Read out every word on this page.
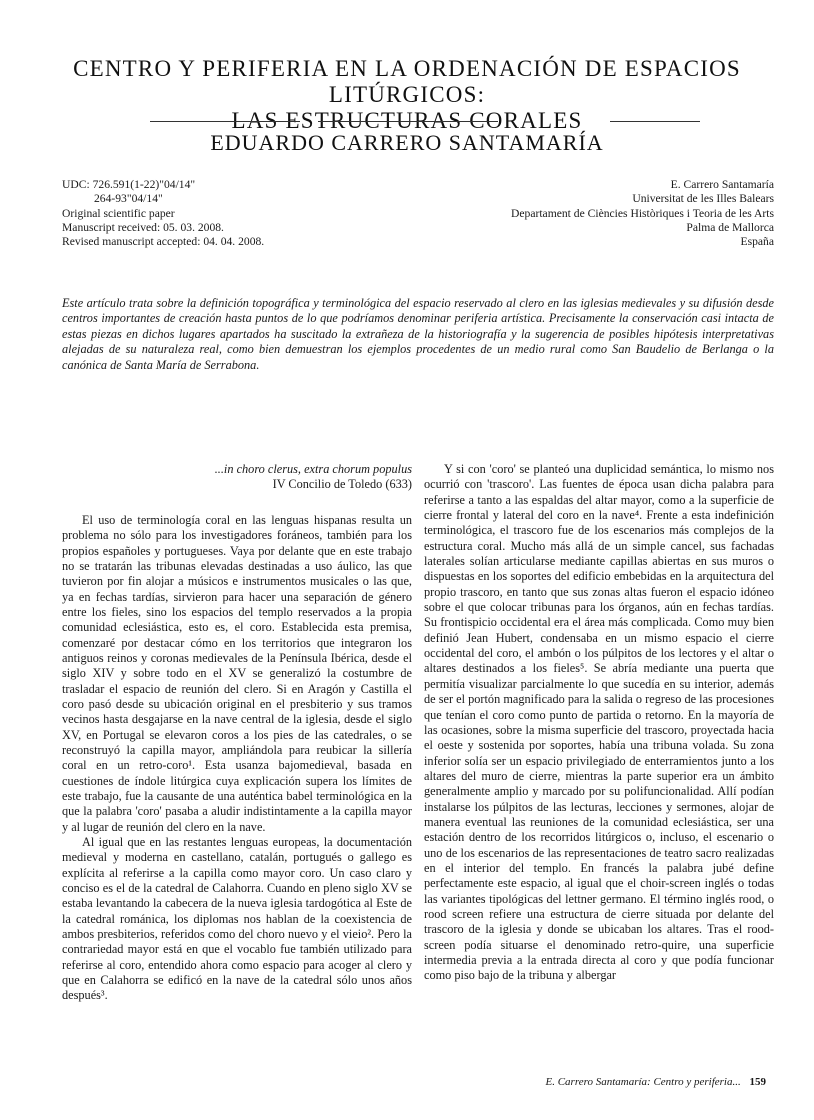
CENTRO Y PERIFERIA EN LA ORDENACIÓN DE ESPACIOS LITÚRGICOS:
LAS ESTRUCTURAS CORALES
EDUARDO CARRERO SANTAMARÍA
UDC: 726.591(1-22)"04/14"
264-93"04/14"
Original scientific paper
Manuscript received: 05. 03. 2008.
Revised manuscript accepted: 04. 04. 2008.
E. Carrero Santamaría
Universitat de les Illes Balears
Departament de Ciències Històriques i Teoria de les Arts
Palma de Mallorca
España

Este artículo trata sobre la definición topográfica y terminológica del espacio reservado al clero en las iglesias medievales y su difusión desde centros importantes de creación hasta puntos de lo que podríamos denominar periferia artística. Precisamente la conservación casi intacta de estas piezas en dichos lugares apartados ha suscitado la extrañeza de la historiografía y la sugerencia de posibles hipótesis interpretativas alejadas de su naturaleza real, como bien demuestran los ejemplos procedentes de un medio rural como San Baudelio de Berlanga o la canónica de Santa María de Serrabona.

...in choro clerus, extra chorum populus
IV Concilio de Toledo (633)

El uso de terminología coral en las lenguas hispanas resulta un problema no sólo para los investigadores foráneos, también para los propios españoles y portugueses. Vaya por delante que en este trabajo no se tratarán las tribunas elevadas destinadas a uso áulico, las que tuvieron por fin alojar a músicos e instrumentos musicales o las que, ya en fechas tardías, sirvieron para hacer una separación de género entre los fieles, sino los espacios del templo reservados a la propia comunidad eclesiástica, esto es, el coro. Establecida esta premisa, comenzaré por destacar cómo en los territorios que integraron los antiguos reinos y coronas medievales de la Península Ibérica, desde el siglo XIV y sobre todo en el XV se generalizó la costumbre de trasladar el espacio de reunión del clero. Si en Aragón y Castilla el coro pasó desde su ubicación original en el presbiterio y sus tramos vecinos hasta desgajarse en la nave central de la iglesia, desde el siglo XV, en Portugal se elevaron coros a los pies de las catedrales, o se reconstruyó la capilla mayor, ampliándola para reubicar la sillería coral en un retro-coro¹. Esta usanza bajomedieval, basada en cuestiones de índole litúrgica cuya explicación supera los límites de este trabajo, fue la causante de una auténtica babel terminológica en la que la palabra 'coro' pasaba a aludir indistintamente a la capilla mayor y al lugar de reunión del clero en la nave.

Al igual que en las restantes lenguas europeas, la documentación medieval y moderna en castellano, catalán, portugués o gallego es explícita al referirse a la capilla como mayor coro. Un caso claro y conciso es el de la catedral de Calahorra. Cuando en pleno siglo XV se estaba levantando la cabecera de la nueva iglesia tardogótica al Este de la catedral románica, los diplomas nos hablan de la coexistencia de ambos presbiterios, referidos como del choro nuevo y el vieio². Pero la contrariedad mayor está en que el vocablo fue también utilizado para referirse al coro, entendido ahora como espacio para acoger al clero y que en Calahorra se edificó en la nave de la catedral sólo unos años después³.

Y si con 'coro' se planteó una duplicidad semántica, lo mismo nos ocurrió con 'trascoro'. Las fuentes de época usan dicha palabra para referirse a tanto a las espaldas del altar mayor, como a la superficie de cierre frontal y lateral del coro en la nave⁴. Frente a esta indefinición terminológica, el trascoro fue de los escenarios más complejos de la estructura coral. Mucho más allá de un simple cancel, sus fachadas laterales solían articularse mediante capillas abiertas en sus muros o dispuestas en los soportes del edificio embebidas en la arquitectura del propio trascoro, en tanto que sus zonas altas fueron el espacio idóneo sobre el que colocar tribunas para los órganos, aún en fechas tardías. Su frontispicio occidental era el área más complicada. Como muy bien definió Jean Hubert, condensaba en un mismo espacio el cierre occidental del coro, el ambón o los púlpitos de los lectores y el altar o altares destinados a los fieles⁵. Se abría mediante una puerta que permitía visualizar parcialmente lo que sucedía en su interior, además de ser el portón magnificado para la salida o regreso de las procesiones que tenían el coro como punto de partida o retorno. En la mayoría de las ocasiones, sobre la misma superficie del trascoro, proyectada hacia el oeste y sostenida por soportes, había una tribuna volada. Su zona inferior solía ser un espacio privilegiado de enterramientos junto a los altares del muro de cierre, mientras la parte superior era un ámbito generalmente amplio y marcado por su polifuncionalidad. Allí podían instalarse los púlpitos de las lecturas, lecciones y sermones, alojar de manera eventual las reuniones de la comunidad eclesiástica, ser una estación dentro de los recorridos litúrgicos o, incluso, el escenario o uno de los escenarios de las representaciones de teatro sacro realizadas en el interior del templo. En francés la palabra jubé define perfectamente este espacio, al igual que el choir-screen inglés o todas las variantes tipológicas del lettner germano. El término inglés rood, o rood screen refiere una estructura de cierre situada por delante del trascoro de la iglesia y donde se ubicaban los altares. Tras el rood-screen podía situarse el denominado retro-quire, una superficie intermedia previa a la entrada directa al coro y que podía funcionar como piso bajo de la tribuna y albergar

E. Carrero Santamaría: Centro y periferia... 159
